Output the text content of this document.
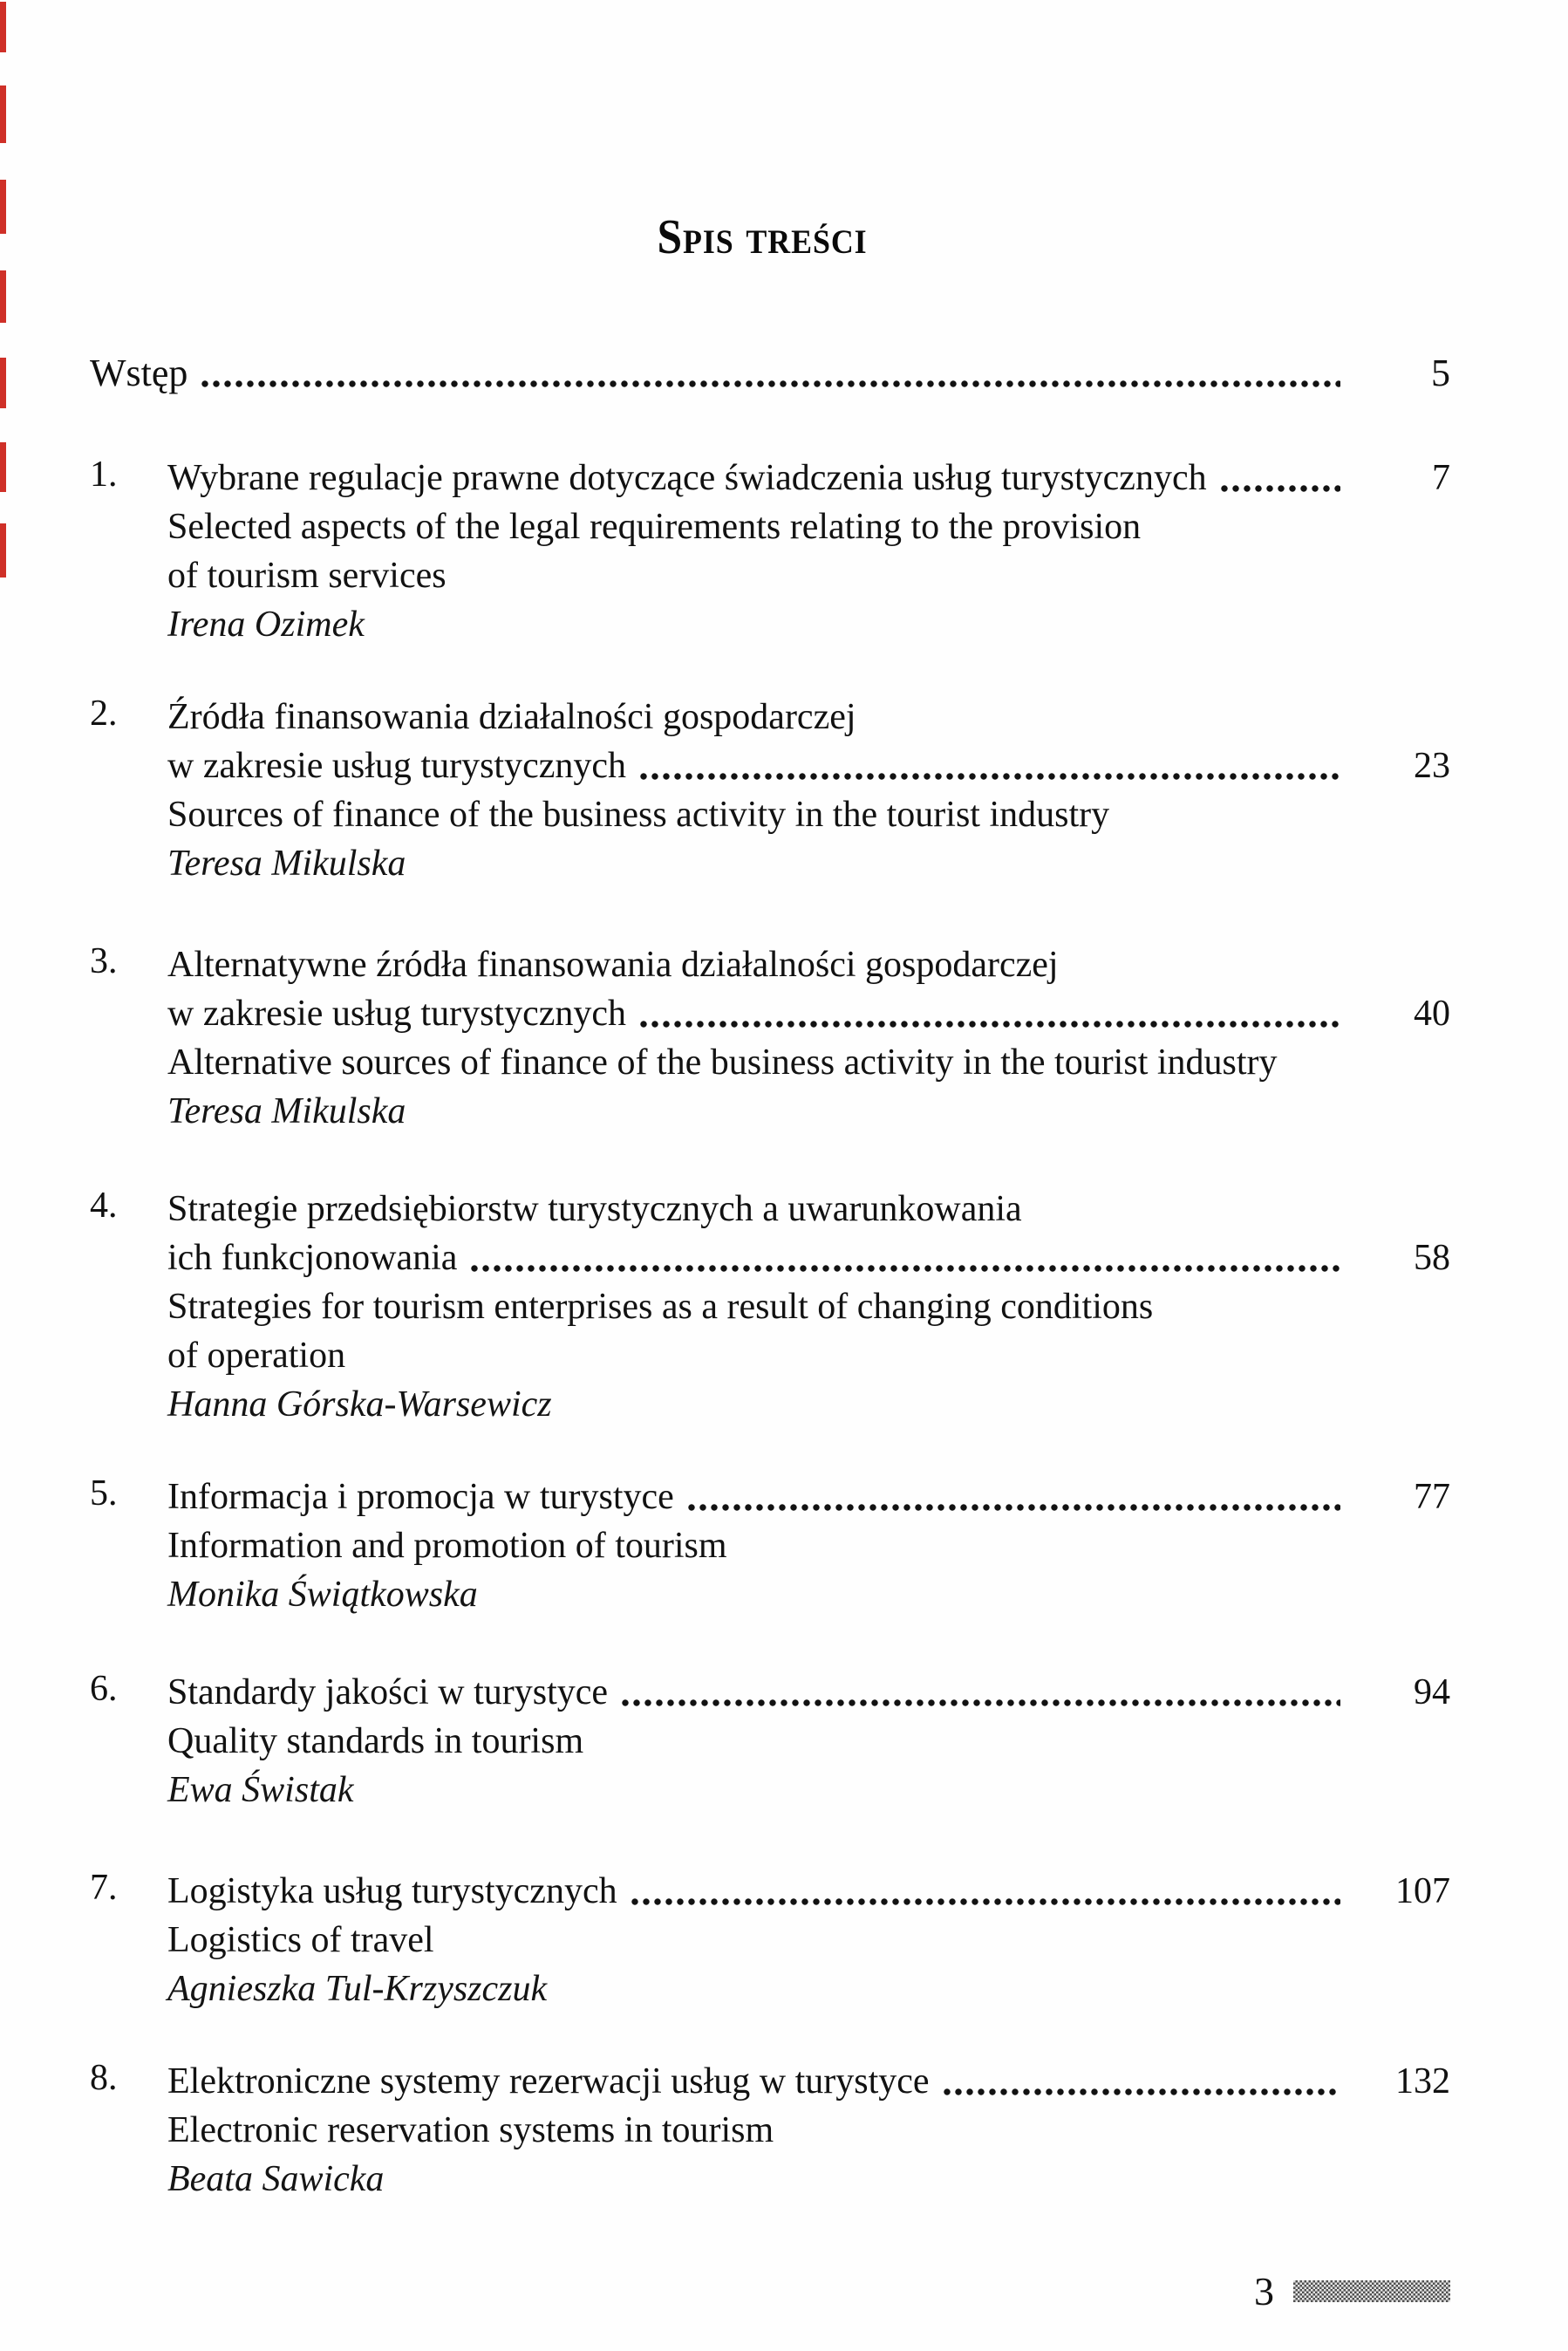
Spis treści
Wstęp	5
1.	Wybrane regulacje prawne dotyczące świadczenia usług turystycznych	7
Selected aspects of the legal requirements relating to the provision
of tourism services
Irena Ozimek
2.	Źródła finansowania działalności gospodarczej
w zakresie usług turystycznych	23
Sources of finance of the business activity in the tourist industry
Teresa Mikulska
3.	Alternatywne źródła finansowania działalności gospodarczej
w zakresie usług turystycznych	40
Alternative sources of finance of the business activity in the tourist industry
Teresa Mikulska
4.	Strategie przedsiębiorstw turystycznych a uwarunkowania
ich funkcjonowania	58
Strategies for tourism enterprises as a result of changing conditions
of operation
Hanna Górska-Warsewicz
5.	Informacja i promocja w turystyce	77
Information and promotion of tourism
Monika Świątkowska
6.	Standardy jakości w turystyce	94
Quality standards in tourism
Ewa Świstak
7.	Logistyka usług turystycznych	107
Logistics of travel
Agnieszka Tul-Krzyszczuk
8.	Elektroniczne systemy rezerwacji usług w turystyce	132
Electronic reservation systems in tourism
Beata Sawicka
3
